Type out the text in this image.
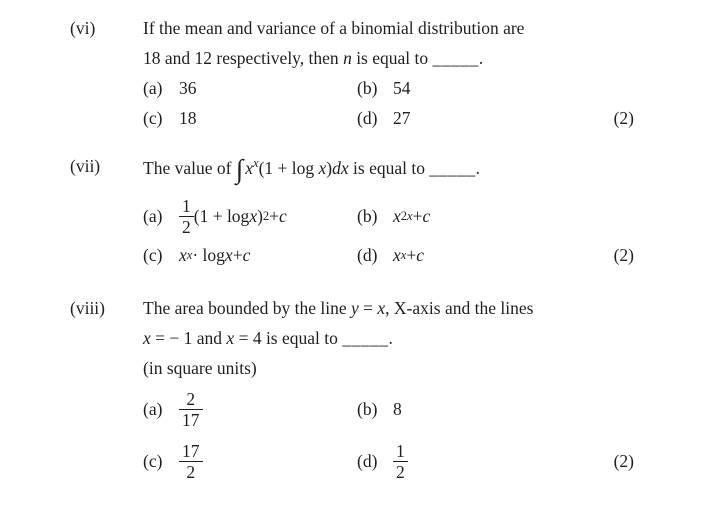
(vi)	If the mean and variance of a binomial distribution are
18 and 12 respectively, then n is equal to _____.
(a) 36	(b) 54
(c) 18	(d) 27	(2)
(vii)	The value of ∫ xx(1 + log x)dx is equal to _____.
$(a) \frac{1}{2} (1 + \log x$ ) 2 + c	(b) x 2x + c
(c) x x · log x + c	(d) x x + c	(2)
(viii)	The area bounded by the line y = x, X-axis and the lines
x = − 1 and x = 4 is equal to _____.
(in square units)
$(a) \frac{2}{17}$	(b) 8
$(c) \frac{17}{2}$	$(d) \frac{1}{2}$	(2)
